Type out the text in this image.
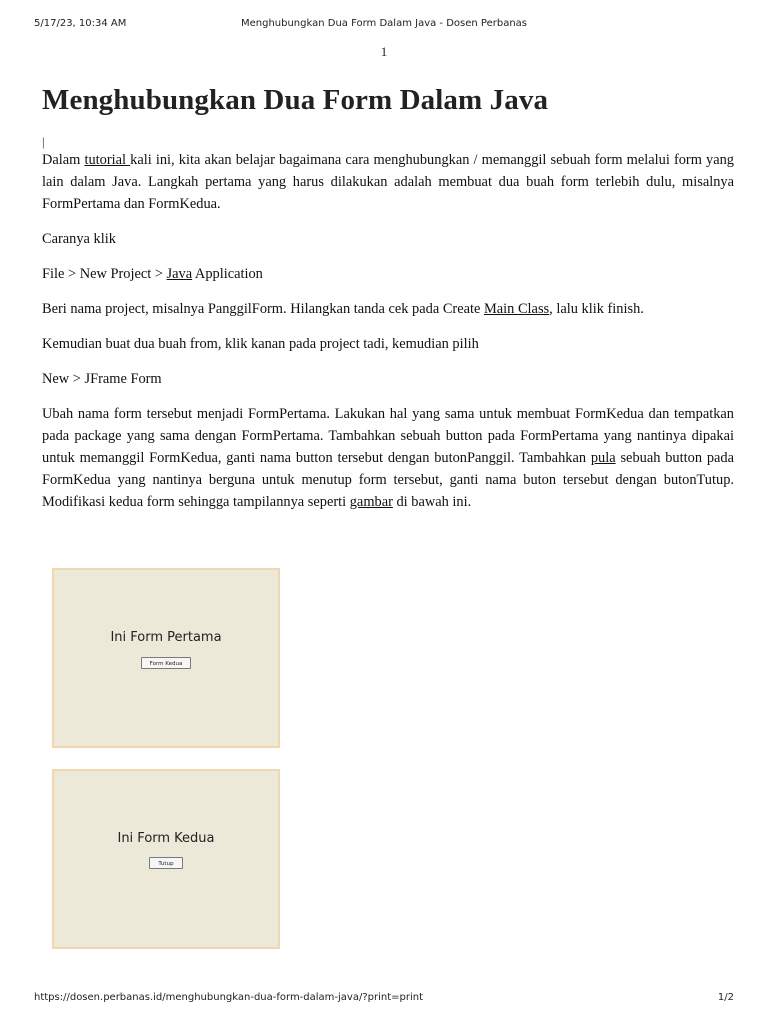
5/17/23, 10:34 AM	Menghubungkan Dua Form Dalam Java - Dosen Perbanas
1
Menghubungkan Dua Form Dalam Java
|

Dalam tutorial kali ini, kita akan belajar bagaimana cara menghubungkan / memanggil sebuah form melalui form yang lain dalam Java. Langkah pertama yang harus dilakukan adalah membuat dua buah form terlebih dulu, misalnya FormPertama dan FormKedua.

Caranya klik

File > New Project > Java Application

Beri nama project, misalnya PanggilForm. Hilangkan tanda cek pada Create Main Class, lalu klik finish.

Kemudian buat dua buah from, klik kanan pada project tadi, kemudian pilih

New > JFrame Form

Ubah nama form tersebut menjadi FormPertama. Lakukan hal yang sama untuk membuat FormKedua dan tempatkan pada package yang sama dengan FormPertama. Tambahkan sebuah button pada FormPertama yang nantinya dipakai untuk memanggil FormKedua, ganti nama button tersebut dengan butonPanggil. Tambahkan pula sebuah button pada FormKedua yang nantinya berguna untuk menutup form tersebut, ganti nama buton tersebut dengan butonTutup. Modifikasi kedua form sehingga tampilannya seperti gambar di bawah ini.

Ini Form Pertama
Form Kedua
Ini Form Kedua
Tutup
https://dosen.perbanas.id/menghubungkan-dua-form-dalam-java/?print=print	1/2
